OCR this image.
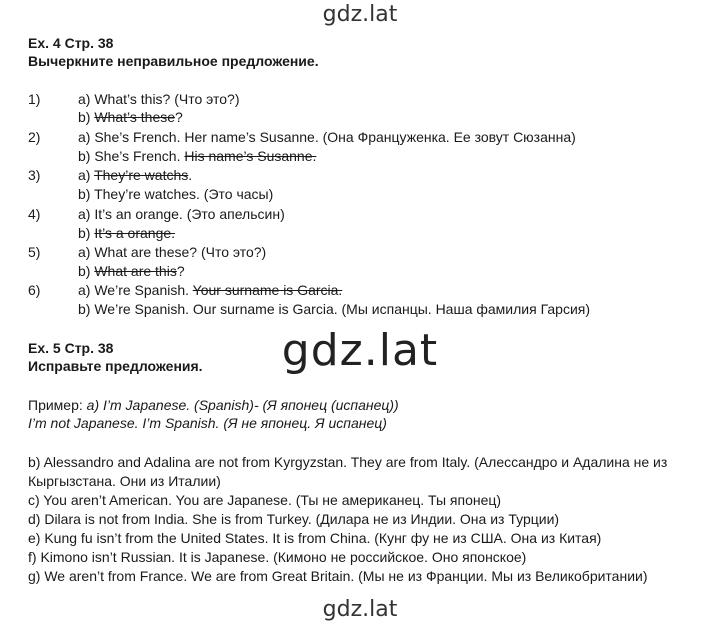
gdz.lat
Ex. 4 Стр. 38
Вычеркните неправильное предложение.
1)	a) What’s this? (Что это?)
b) What’s these?
2)	a) She’s French. Her name’s Susanne. (Она Француженка. Ее зовут Сюзанна)
b) She’s French. His name’s Susanne.
3)	a) They’re watchs.
b) They’re watches. (Это часы)
4)	a) It’s an orange. (Это апельсин)
b) It’s a orange.
5)	a) What are these? (Что это?)
b) What are this?
6)	a) We’re Spanish. Your surname is Garcia.
b) We’re Spanish. Our surname is Garcia. (Мы испанцы. Наша фамилия Гарсия)
Ex. 5 Стр. 38
Исправьте предложения.	gdz.lat
Пример: a) I’m Japanese. (Spanish)- (Я японец (испанец))
I’m not Japanese. I’m Spanish. (Я не японец. Я испанец)
b) Alessandro and Adalina are not from Kyrgyzstan. They are from Italy. (Алессандро и Адалина не из
Кыргызстана. Они из Италии)
c) You aren’t American. You are Japanese. (Ты не американец. Ты японец)
d) Dilara is not from India. She is from Turkey. (Дилара не из Индии. Она из Турции)
e) Kung fu isn’t from the United States. It is from China. (Кунг фу не из США. Она из Китая)
f) Kimono isn’t Russian. It is Japanese. (Кимоно не российское. Оно японское)
g) We aren’t from France. We are from Great Britain. (Мы не из Франции. Мы из Великобритании)
gdz.lat
